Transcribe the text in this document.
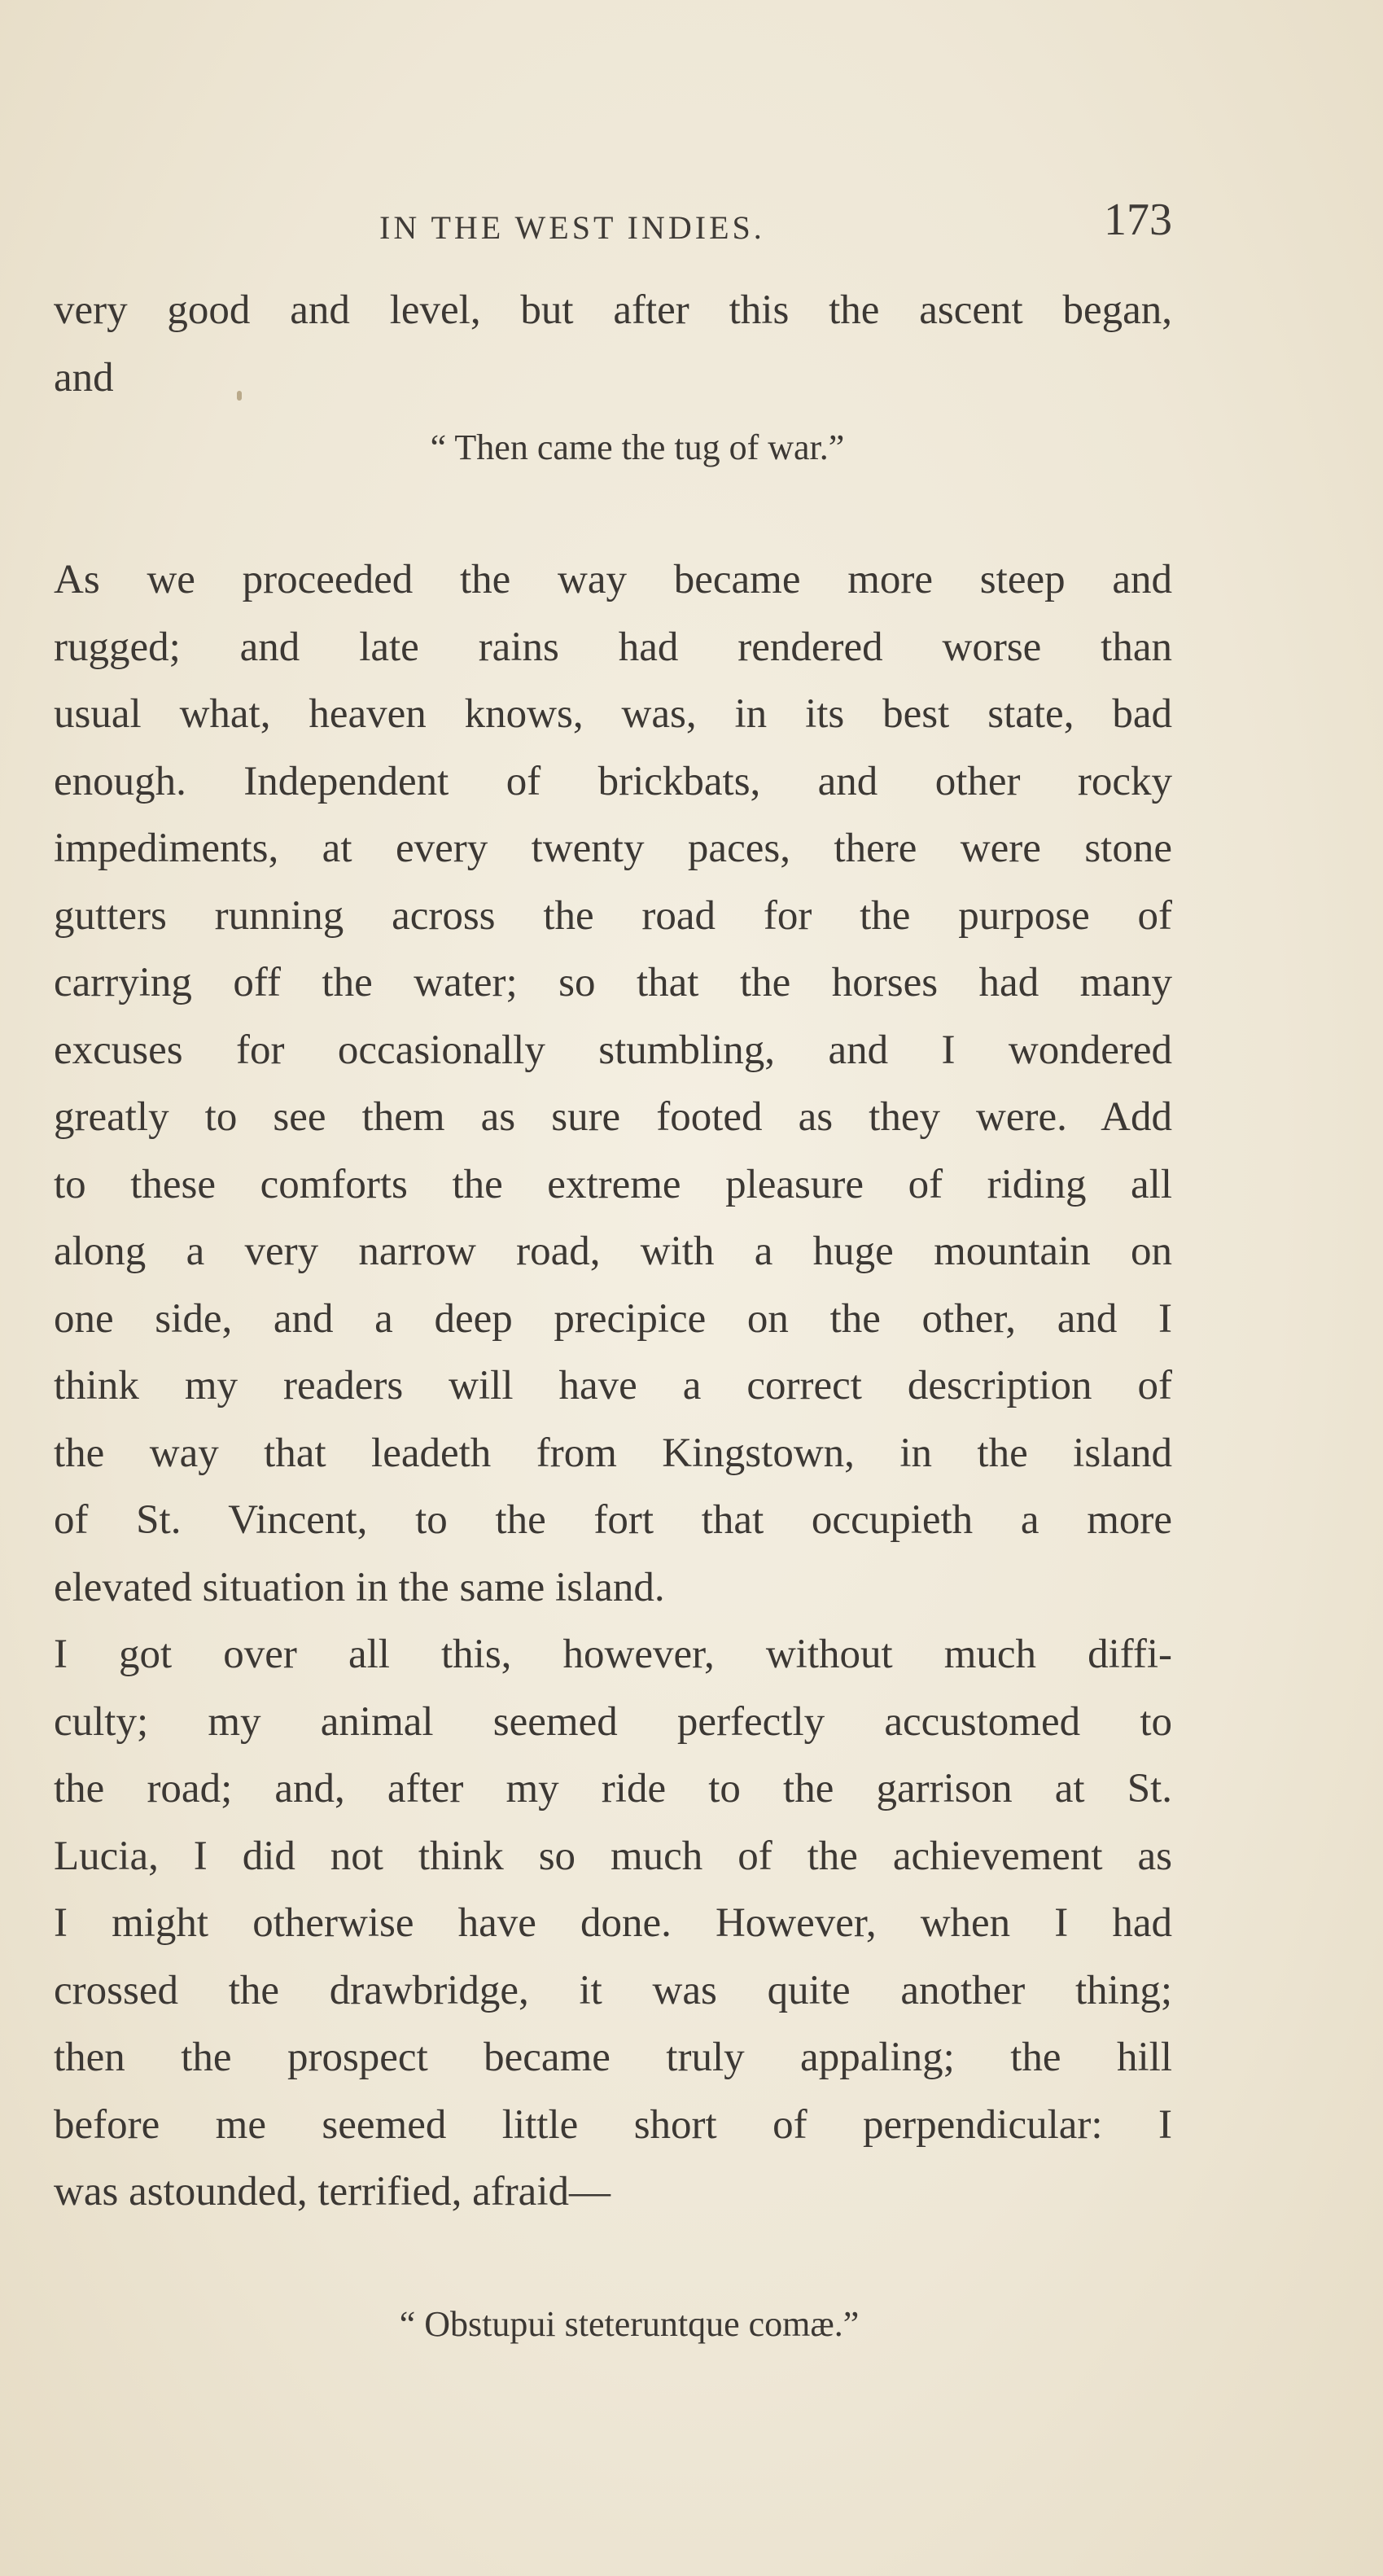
IN THE WEST INDIES.	173

very good and level, but after this the ascent began,

and

“ Then came the tug of war.”

As we proceeded the way became more steep and

rugged; and late rains had rendered worse than

usual what, heaven knows, was, in its best state, bad

enough. Independent of brickbats, and other rocky

impediments, at every twenty paces, there were stone

gutters running across the road for the purpose of

carrying off the water; so that the horses had many

excuses for occasionally stumbling, and I wondered

greatly to see them as sure footed as they were. Add

to these comforts the extreme pleasure of riding all

along a very narrow road, with a huge mountain on

one side, and a deep precipice on the other, and I

think my readers will have a correct description of

the way that leadeth from Kingstown, in the island

of St. Vincent, to the fort that occupieth a more

elevated situation in the same island.

I got over all this, however, without much diffi-

culty; my animal seemed perfectly accustomed to

the road; and, after my ride to the garrison at St.

Lucia, I did not think so much of the achievement as

I might otherwise have done. However, when I had

crossed the drawbridge, it was quite another thing;

then the prospect became truly appaling; the hill

before me seemed little short of perpendicular: I

was astounded, terrified, afraid—

“ Obstupui steteruntque comæ.”
